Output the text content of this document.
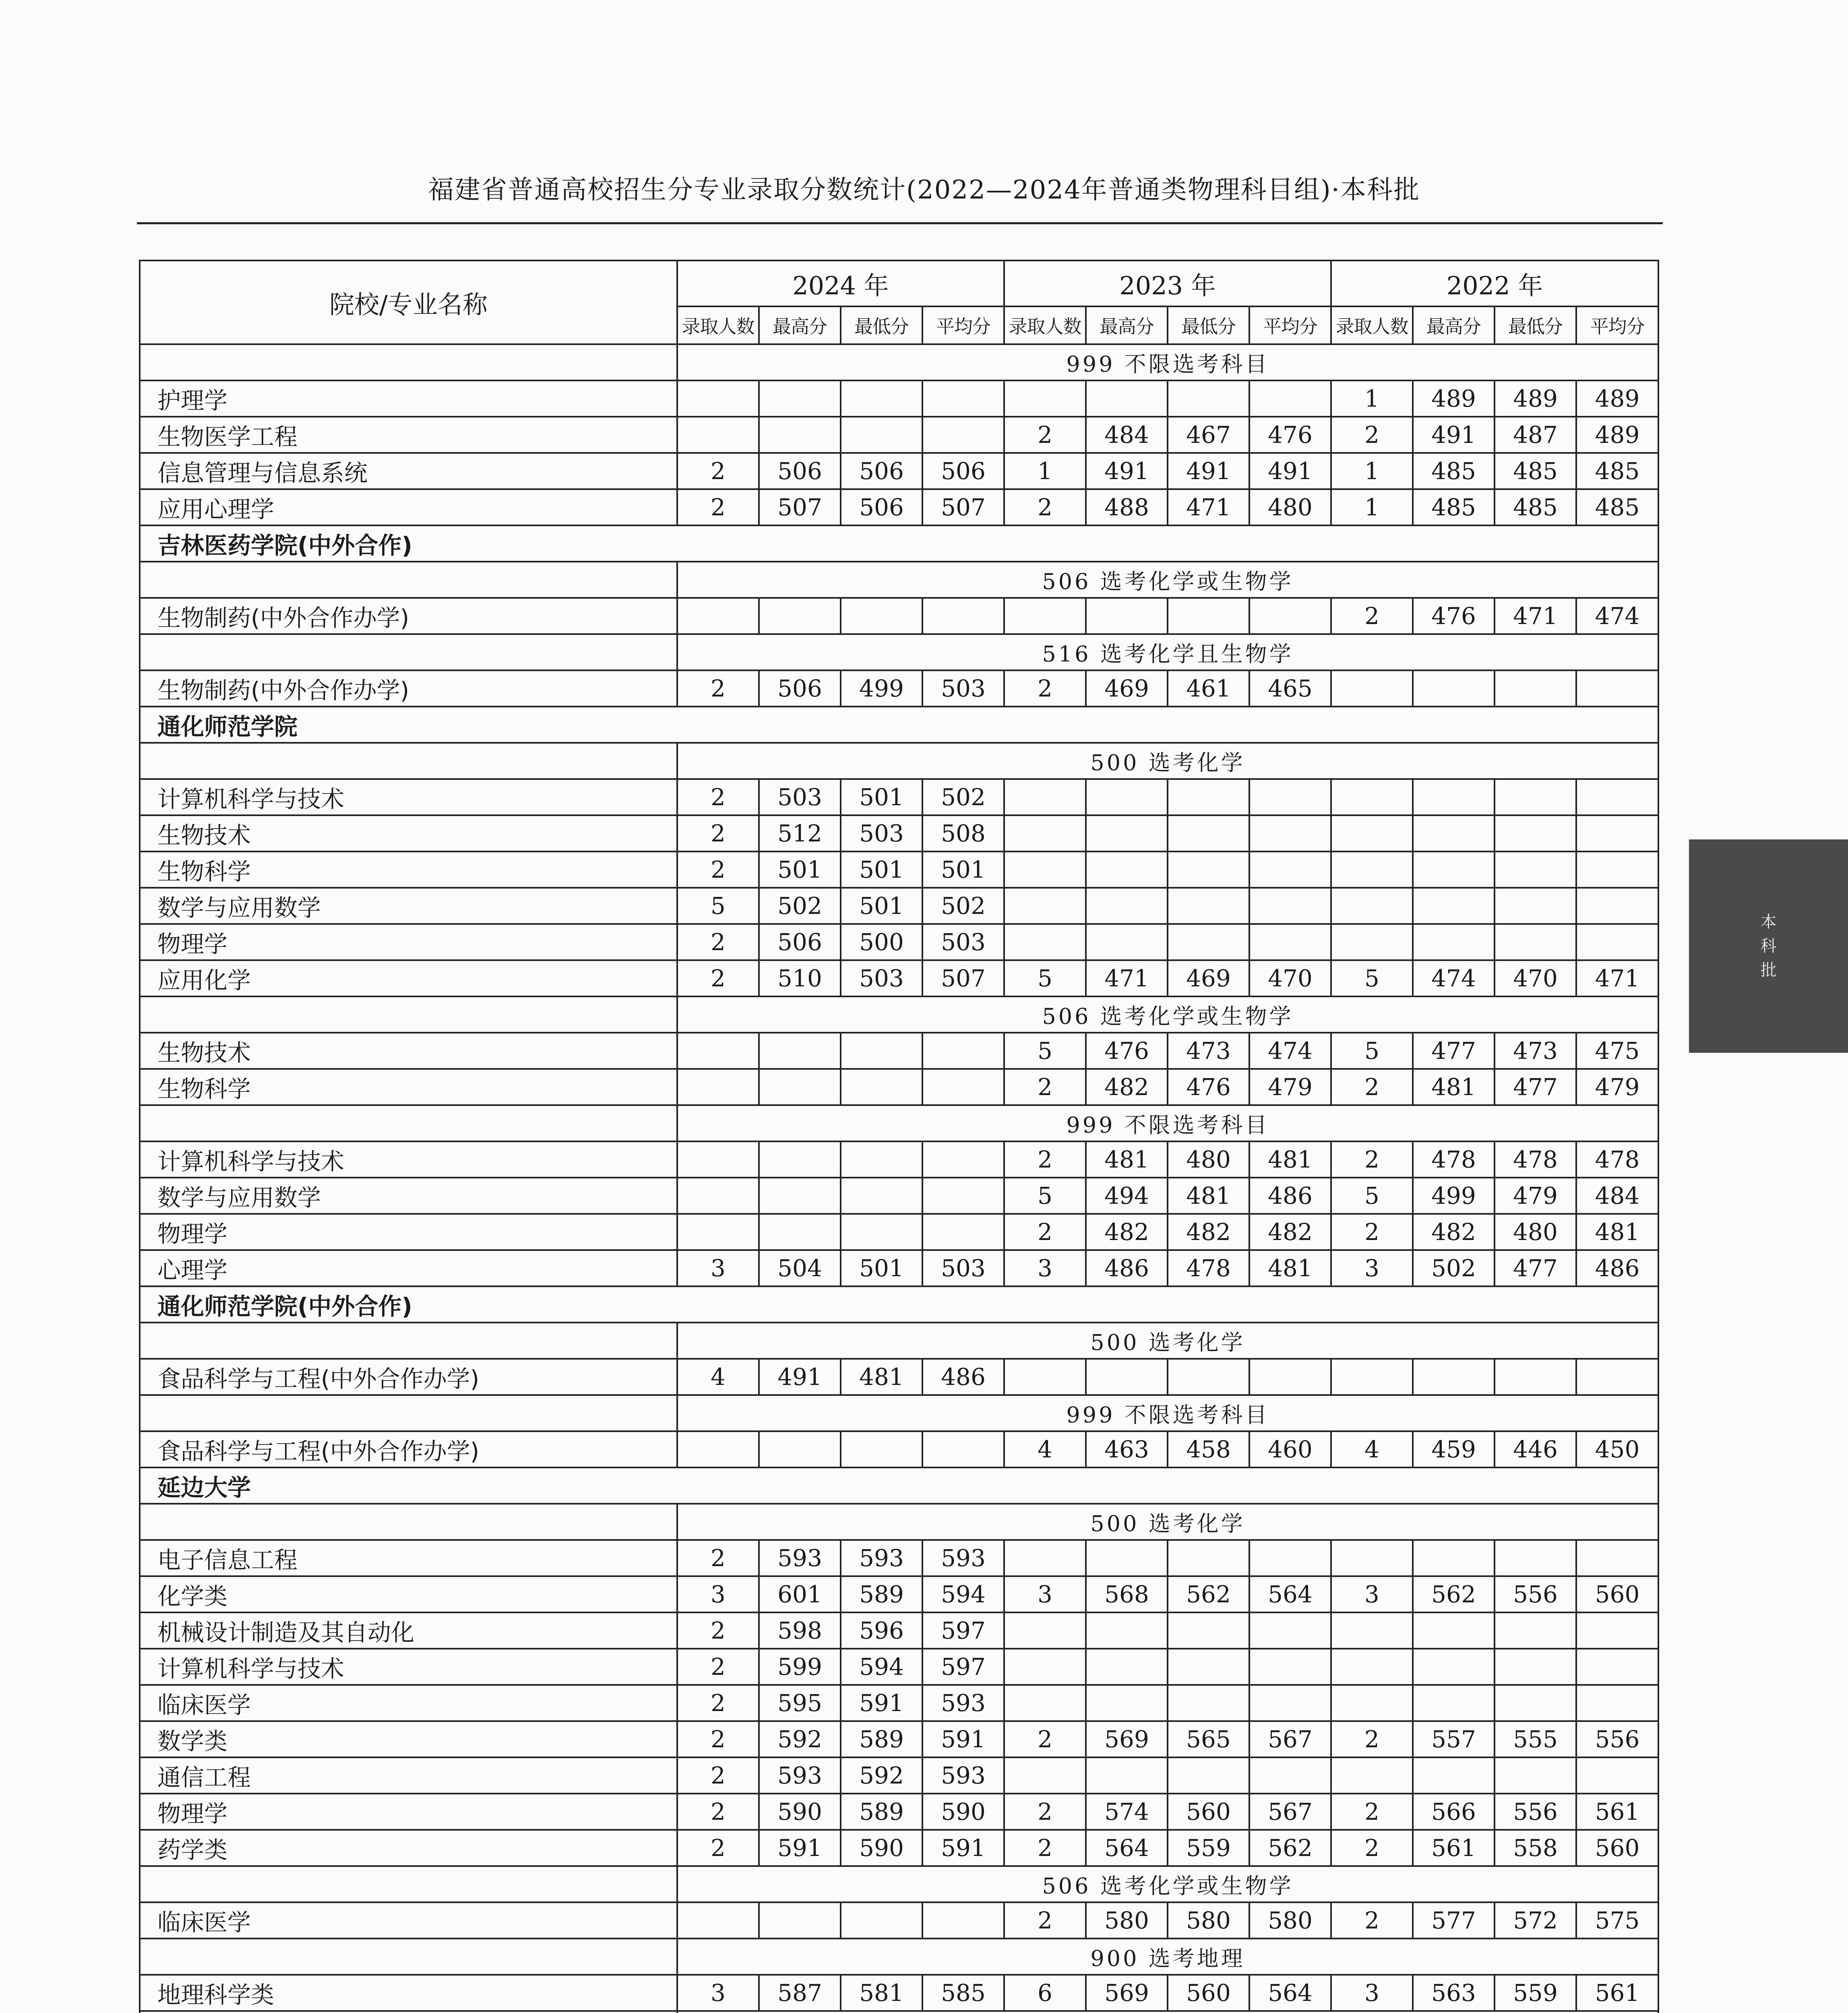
福建省普通高校招生分专业录取分数统计(2022—2024年普通类物理科目组)·本科批
院校/专业名称	2024 年				2023 年				2022 年			
	录取人数	最高分	最低分	平均分	录取人数	最高分	最低分	平均分	录取人数	最高分	最低分	平均分
	999 不限选考科目											
护理学									1	489	489	489
生物医学工程					2	484	467	476	2	491	487	489
信息管理与信息系统	2	506	506	506	1	491	491	491	1	485	485	485
应用心理学	2	507	506	507	2	488	471	480	1	485	485	485
吉林医药学院(中外合作)												
	506 选考化学或生物学											
生物制药(中外合作办学)									2	476	471	474
	516 选考化学且生物学											
生物制药(中外合作办学)	2	506	499	503	2	469	461	465				
通化师范学院												
	500 选考化学											
计算机科学与技术	2	503	501	502								
生物技术	2	512	503	508								
生物科学	2	501	501	501								
数学与应用数学	5	502	501	502								
物理学	2	506	500	503								
应用化学	2	510	503	507	5	471	469	470	5	474	470	471
	506 选考化学或生物学											
生物技术					5	476	473	474	5	477	473	475
生物科学					2	482	476	479	2	481	477	479
	999 不限选考科目											
计算机科学与技术					2	481	480	481	2	478	478	478
数学与应用数学					5	494	481	486	5	499	479	484
物理学					2	482	482	482	2	482	480	481
心理学	3	504	501	503	3	486	478	481	3	502	477	486
通化师范学院(中外合作)												
	500 选考化学											
食品科学与工程(中外合作办学)	4	491	481	486								
	999 不限选考科目											
食品科学与工程(中外合作办学)					4	463	458	460	4	459	446	450
延边大学												
	500 选考化学											
电子信息工程	2	593	593	593								
化学类	3	601	589	594	3	568	562	564	3	562	556	560
机械设计制造及其自动化	2	598	596	597								
计算机科学与技术	2	599	594	597								
临床医学	2	595	591	593								
数学类	2	592	589	591	2	569	565	567	2	557	555	556
通信工程	2	593	592	593								
物理学	2	590	589	590	2	574	560	567	2	566	556	561
药学类	2	591	590	591	2	564	559	562	2	561	558	560
	506 选考化学或生物学											
临床医学					2	580	580	580	2	577	572	575
	900 选考地理											
地理科学类	3	587	581	585	6	569	560	564	3	563	559	561

本
科
批
